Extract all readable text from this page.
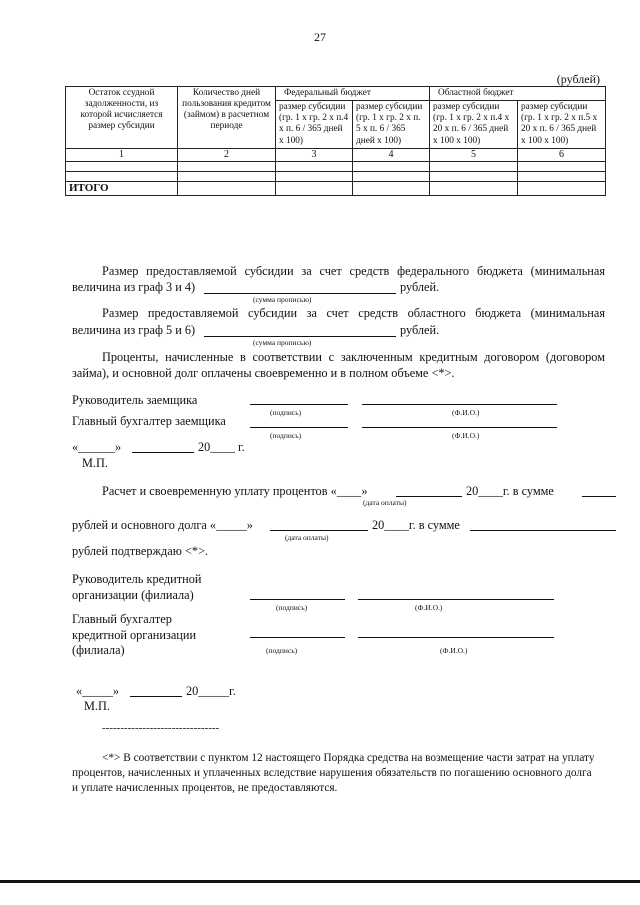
27
(рублей)
Остаток ссудной задолженности, из которой исчисляется размер субсидии	Количество дней пользования кредитом (займом) в расчетном периоде	Федеральный бюджет		Областной бюджет	
		размер субсидии (гр. 1 x гр. 2 x п.4 x п. 6 / 365 дней x 100)	размер субсидии (гр. 1 x гр. 2 x п. 5 x п. 6 / 365 дней x 100)	размер субсидии (гр. 1 x гр. 2 x п.4 x 20 x п. 6 / 365 дней x 100 x 100)	размер субсидии (гр. 1 x гр. 2 x п.5 x 20 x п. 6 / 365 дней x 100 x 100)
1	2	3	4	5	6

ИТОГО					
Размер предоставляемой субсидии за счет средств федерального бюджета (минимальная
величина из граф 3 и 4)	рублей.
(сумма прописью)
Размер предоставляемой субсидии за счет средств областного бюджета (минимальная
величина из граф 5 и 6)	рублей.
(сумма прописью)
Проценты, начисленные в соответствии с заключенным кредитным договором (договором
займа), и основной долг оплачены своевременно и в полном объеме <*>.
Руководитель заемщика
(подпись)	(Ф.И.О.)
Главный бухгалтер заемщика
(подпись)	(Ф.И.О.)
«______»	20____ г.
М.П.
Расчет и своевременную уплату процентов «____»	20____г. в сумме
(дата оплаты)
рублей и основного долга «_____»	20____г. в сумме
(дата оплаты)
рублей подтверждаю <*>.
Руководитель кредитной
организации (филиала)
(подпись)	(Ф.И.О.)
Главный бухгалтер
кредитной организации
(филиала)	(подпись)	(Ф.И.О.)
«_____»	20_____г.
М.П.
--------------------------------
<*> В соответствии с пунктом 12 настоящего Порядка средства на возмещение части затрат на уплату
процентов, начисленных и уплаченных вследствие нарушения обязательств по погашению основного долга
и уплате начисленных процентов, не предоставляются.
